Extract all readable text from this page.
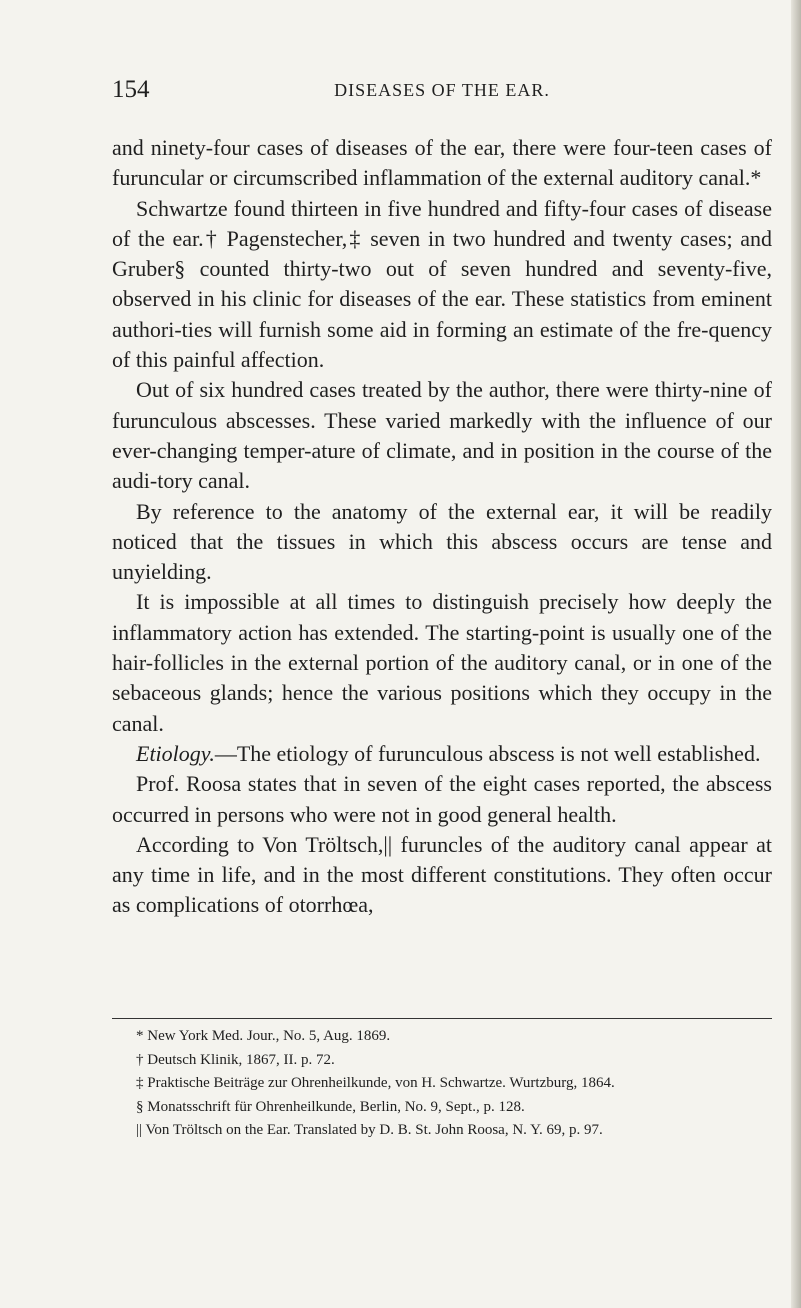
154	DISEASES OF THE EAR.

and ninety-four cases of diseases of the ear, there were four-teen cases of furuncular or circumscribed inflammation of the external auditory canal.*

Schwartze found thirteen in five hundred and fifty-four cases of disease of the ear.† Pagenstecher,‡ seven in two hundred and twenty cases; and Gruber§ counted thirty-two out of seven hundred and seventy-five, observed in his clinic for diseases of the ear. These statistics from eminent authori-ties will furnish some aid in forming an estimate of the fre-quency of this painful affection.

Out of six hundred cases treated by the author, there were thirty-nine of furunculous abscesses. These varied markedly with the influence of our ever-changing temper-ature of climate, and in position in the course of the audi-tory canal.

By reference to the anatomy of the external ear, it will be readily noticed that the tissues in which this abscess occurs are tense and unyielding.

It is impossible at all times to distinguish precisely how deeply the inflammatory action has extended. The starting-point is usually one of the hair-follicles in the external portion of the auditory canal, or in one of the sebaceous glands; hence the various positions which they occupy in the canal.

Etiology.—The etiology of furunculous abscess is not well established.

Prof. Roosa states that in seven of the eight cases reported, the abscess occurred in persons who were not in good general health.

According to Von Tröltsch,|| furuncles of the auditory canal appear at any time in life, and in the most different constitutions. They often occur as complications of otorrhœa,

* New York Med. Jour., No. 5, Aug. 1869.

† Deutsch Klinik, 1867, II. p. 72.

‡ Praktische Beiträge zur Ohrenheilkunde, von H. Schwartze. Wurtzburg, 1864.

§ Monatsschrift für Ohrenheilkunde, Berlin, No. 9, Sept., p. 128.

|| Von Tröltsch on the Ear. Translated by D. B. St. John Roosa, N. Y. 69, p. 97.
